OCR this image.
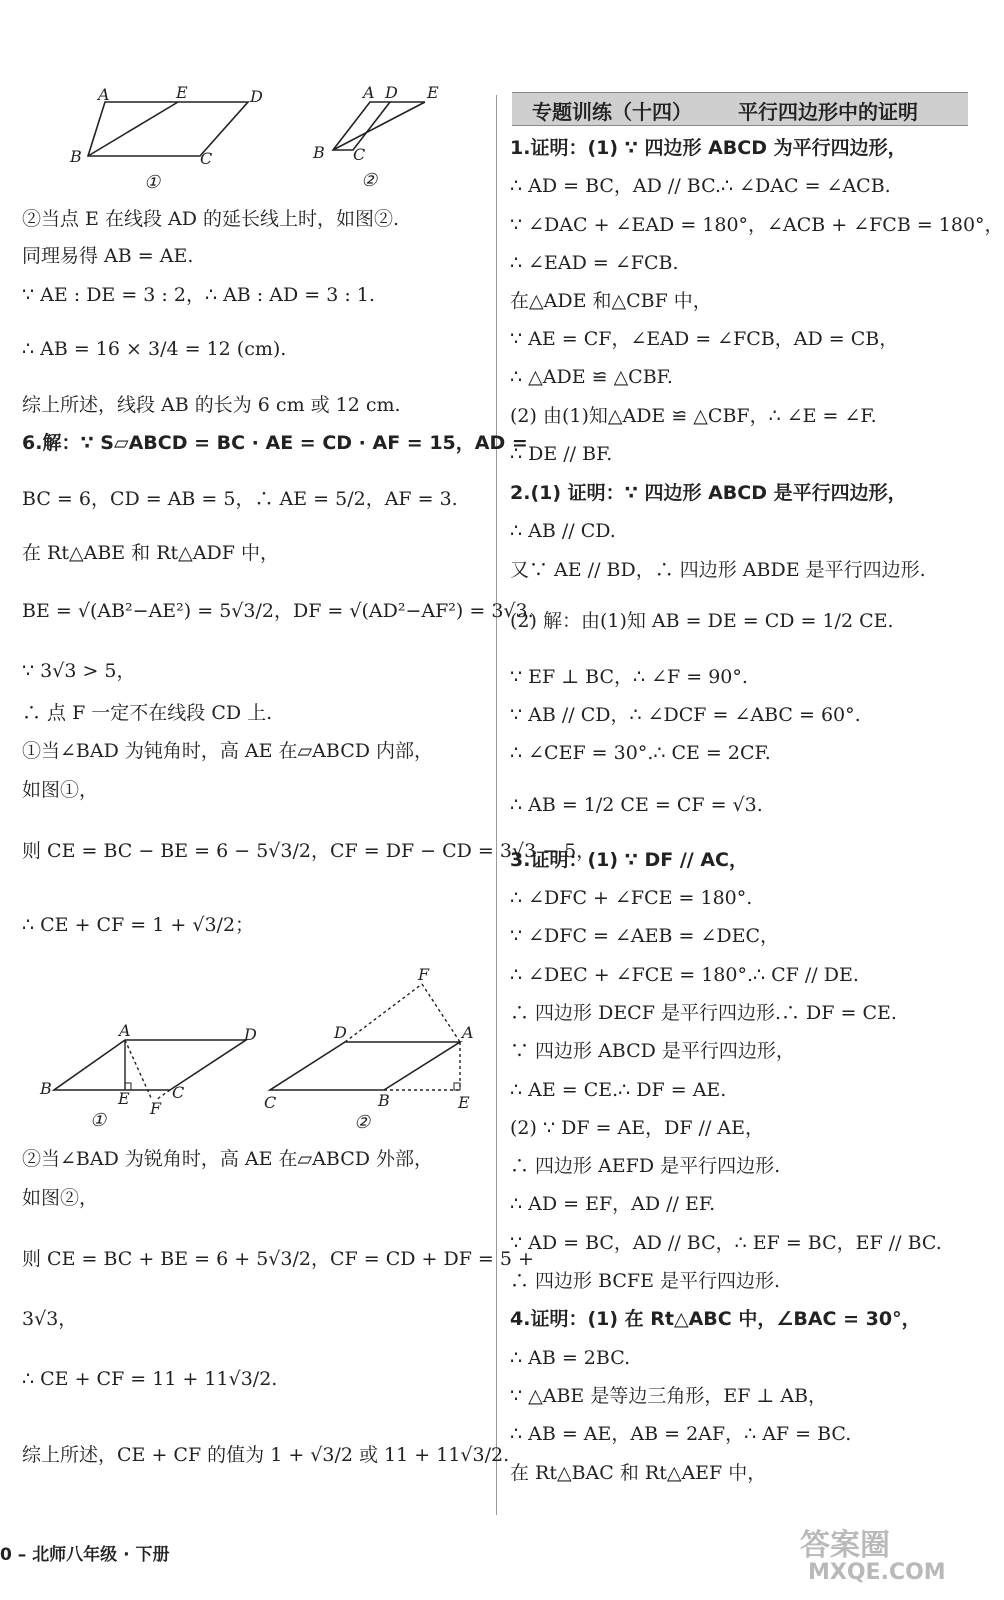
专题训练（十四） 平行四边形中的证明
A	E	D
B	C
①
A D E
B C
②
A	D
B
E
F
C
①
F
D	A
C	B	E
②
②当点 E 在线段 AD 的延长线上时，如图②.
同理易得 AB = AE.
∵ AE : DE = 3 : 2，∴ AB : AD = 3 : 1.
∴ AB = 16 × 3/4 = 12 (cm).
综上所述，线段 AB 的长为 6 cm 或 12 cm.
6.解：∵ S▱ABCD = BC · AE = CD · AF = 15，AD =
BC = 6，CD = AB = 5，∴ AE = 5/2，AF = 3.
在 Rt△ABE 和 Rt△ADF 中，
BE = √(AB²−AE²) = 5√3/2，DF = √(AD²−AF²) = 3√3.
∵ 3√3 > 5，
∴ 点 F 一定不在线段 CD 上.
①当∠BAD 为钝角时，高 AE 在▱ABCD 内部，
如图①，
则 CE = BC − BE = 6 − 5√3/2，CF = DF − CD = 3√3 − 5，
∴ CE + CF = 1 + √3/2；
②当∠BAD 为锐角时，高 AE 在▱ABCD 外部，
如图②，
则 CE = BC + BE = 6 + 5√3/2，CF = CD + DF = 5 +
3√3，
∴ CE + CF = 11 + 11√3/2.
综上所述，CE + CF 的值为 1 + √3/2 或 11 + 11√3/2.
1.证明：(1) ∵ 四边形 ABCD 为平行四边形，
∴ AD = BC，AD // BC.∴ ∠DAC = ∠ACB.
∵ ∠DAC + ∠EAD = 180°，∠ACB + ∠FCB = 180°，
∴ ∠EAD = ∠FCB.
在△ADE 和△CBF 中，
∵ AE = CF，∠EAD = ∠FCB，AD = CB，
∴ △ADE ≌ △CBF.
(2) 由(1)知△ADE ≌ △CBF，∴ ∠E = ∠F.
∴ DE // BF.
2.(1) 证明：∵ 四边形 ABCD 是平行四边形，
∴ AB // CD.
又∵ AE // BD，∴ 四边形 ABDE 是平行四边形.
(2) 解：由(1)知 AB = DE = CD = 1/2 CE.
∵ EF ⊥ BC，∴ ∠F = 90°.
∵ AB // CD，∴ ∠DCF = ∠ABC = 60°.
∴ ∠CEF = 30°.∴ CE = 2CF.
∴ AB = 1/2 CE = CF = √3.
3.证明：(1) ∵ DF // AC，
∴ ∠DFC + ∠FCE = 180°.
∵ ∠DFC = ∠AEB = ∠DEC，
∴ ∠DEC + ∠FCE = 180°.∴ CF // DE.
∴ 四边形 DECF 是平行四边形.∴ DF = CE.
∵ 四边形 ABCD 是平行四边形，
∴ AE = CE.∴ DF = AE.
(2) ∵ DF = AE，DF // AE，
∴ 四边形 AEFD 是平行四边形.
∴ AD = EF，AD // EF.
∵ AD = BC，AD // BC，∴ EF = BC，EF // BC.
∴ 四边形 BCFE 是平行四边形.
4.证明：(1) 在 Rt△ABC 中，∠BAC = 30°，
∴ AB = 2BC.
∵ △ABE 是等边三角形，EF ⊥ AB，
∴ AB = AE，AB = 2AF，∴ AF = BC.
在 Rt△BAC 和 Rt△AEF 中，
0 – 北师八年级 · 下册	答案圈
MXQE.COM
